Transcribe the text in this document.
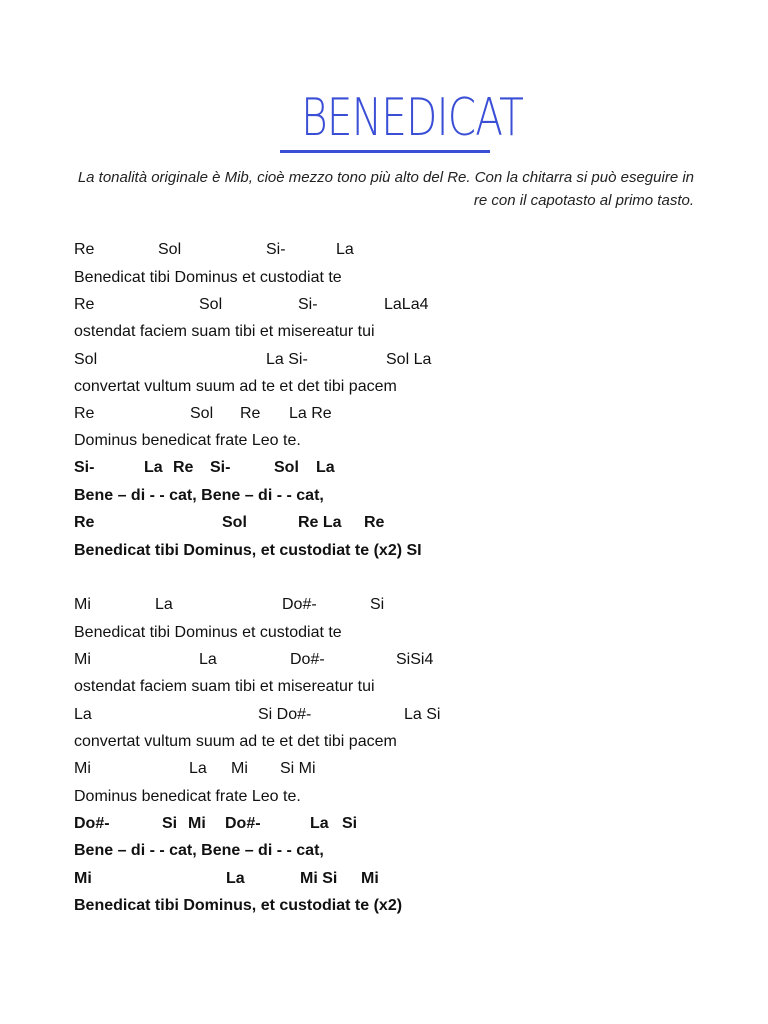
BENEDICAT
La tonalità originale è Mib, cioè mezzo tono più alto del Re. Con la chitarra si può eseguire in re con il capotasto al primo tasto.
Re	Sol	Si-	La
Benedicat tibi Dominus et custodiat te
Re	Sol	Si-	LaLa4
ostendat faciem suam tibi et misereatur tui
Sol	La Si-	Sol La
convertat vultum suum ad te et det tibi pacem
Re	Sol Re La Re
Dominus benedicat frate Leo te.
Si-	La Re Si-	Sol La
Bene – di - - cat, Bene – di - - cat,
Re	Sol	Re La Re
Benedicat tibi Dominus, et custodiat te (x2) SI
Mi	La	Do#-	Si
Benedicat tibi Dominus et custodiat te
Mi	La	Do#-	SiSi4
ostendat faciem suam tibi et misereatur tui
La	Si Do#-	La Si
convertat vultum suum ad te et det tibi pacem
Mi	La Mi Si Mi
Dominus benedicat frate Leo te.
Do#-	Si Mi Do#-	La Si
Bene – di - - cat, Bene – di - - cat,
Mi	La	Mi Si Mi
Benedicat tibi Dominus, et custodiat te (x2)
